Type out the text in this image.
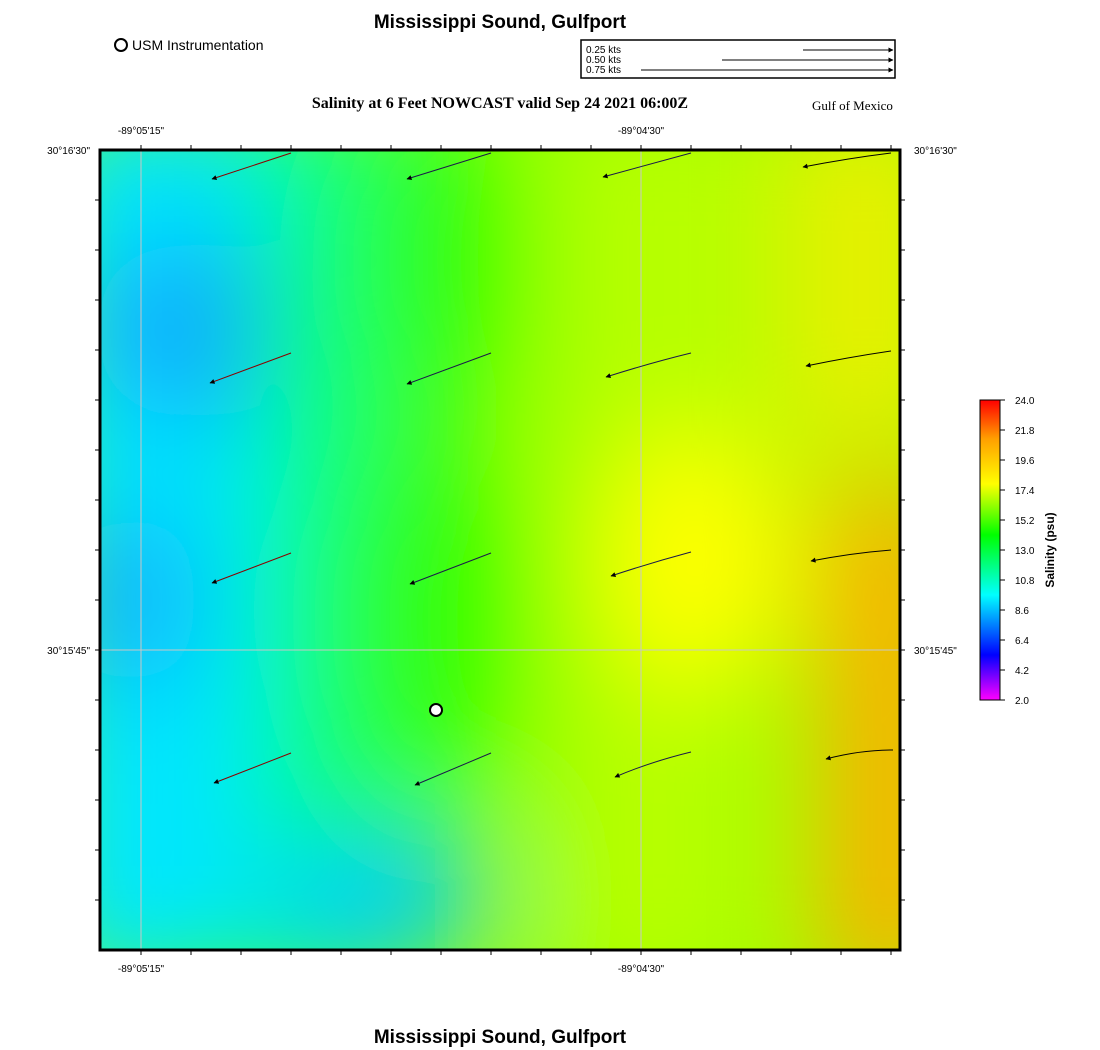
Mississippi Sound, Gulfport
USM Instrumentation
Salinity at 6 Feet NOWCAST valid Sep 24 2021 06:00Z	Gulf of Mexico
Mississippi Sound, Gulfport
-89°05'15"	-89°04'30"
-89°05'15"	-89°04'30"
30°16'30"
30°15'45"
30°16'30"
30°15'45"
0.25 kts
0.50 kts
0.75 kts
24.0
21.8
19.6
17.4
15.2
13.0
10.8
8.6
6.4
4.2
2.0
Salinity (psu)
